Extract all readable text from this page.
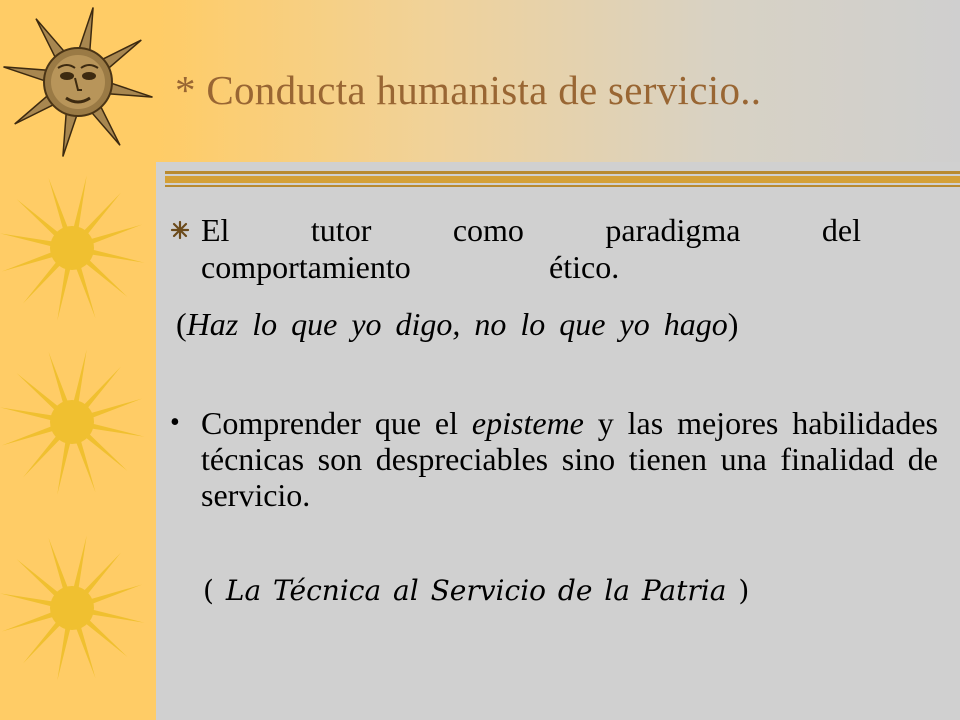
* Conducta humanista de servicio..
El tutor como paradigma del
comportamiento	ético.
(Haz lo que yo digo, no lo que yo hago)
• Comprender que el episteme y las mejores habilidades técnicas son despreciables sino tienen una finalidad de servicio.
( La Técnica al Servicio de la Patria )
